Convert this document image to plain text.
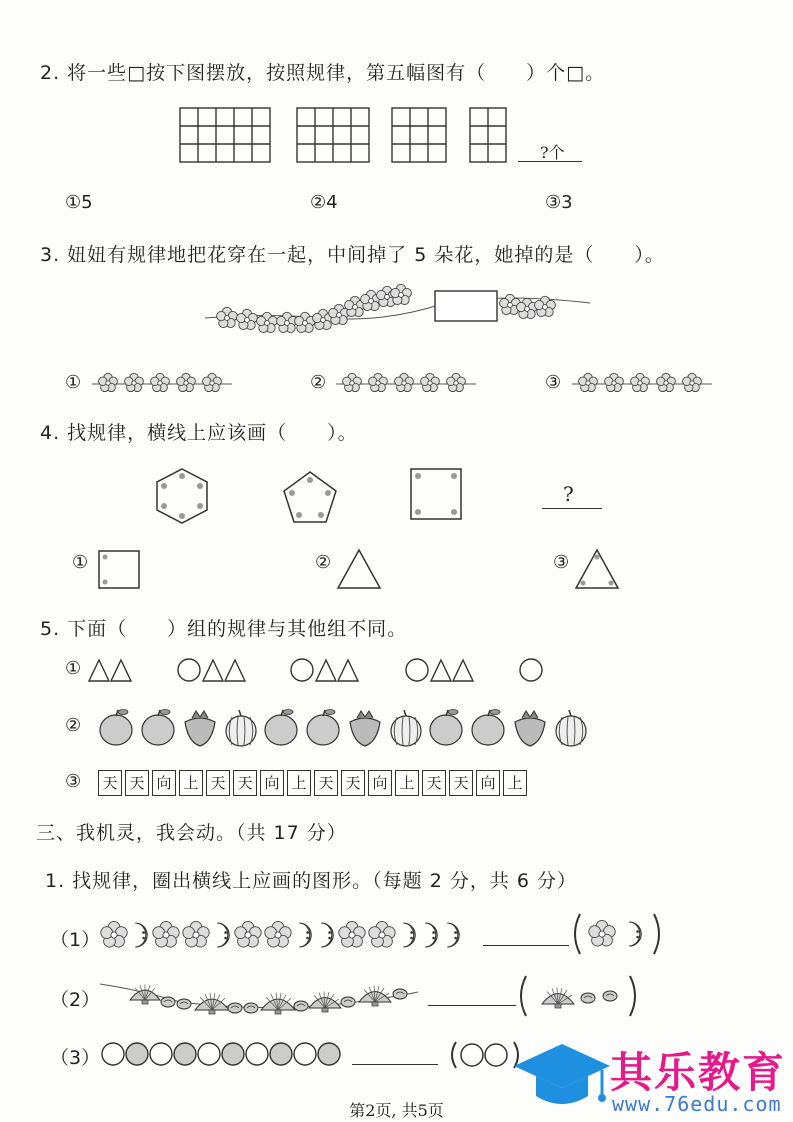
2. 将一些□按下图摆放，按照规律，第五幅图有（　　）个□。
?个
①5	②4	③3
3. 妞妞有规律地把花穿在一起，中间掉了 5 朵花，她掉的是（　　）。
①	②	③
4. 找规律，横线上应该画（　　）。
?
①	②	③
5. 下面（　　）组的规律与其他组不同。
①
②
③ 天 天 向 上 天 天 向 上 天 天 向 上 天 天 向 上
三、我机灵，我会动。（共 17 分）
1. 找规律，圈出横线上应画的图形。（每题 2 分，共 6 分）
（1）
（2）
（3）	其乐教育
www.76edu.com
第2页, 共5页
